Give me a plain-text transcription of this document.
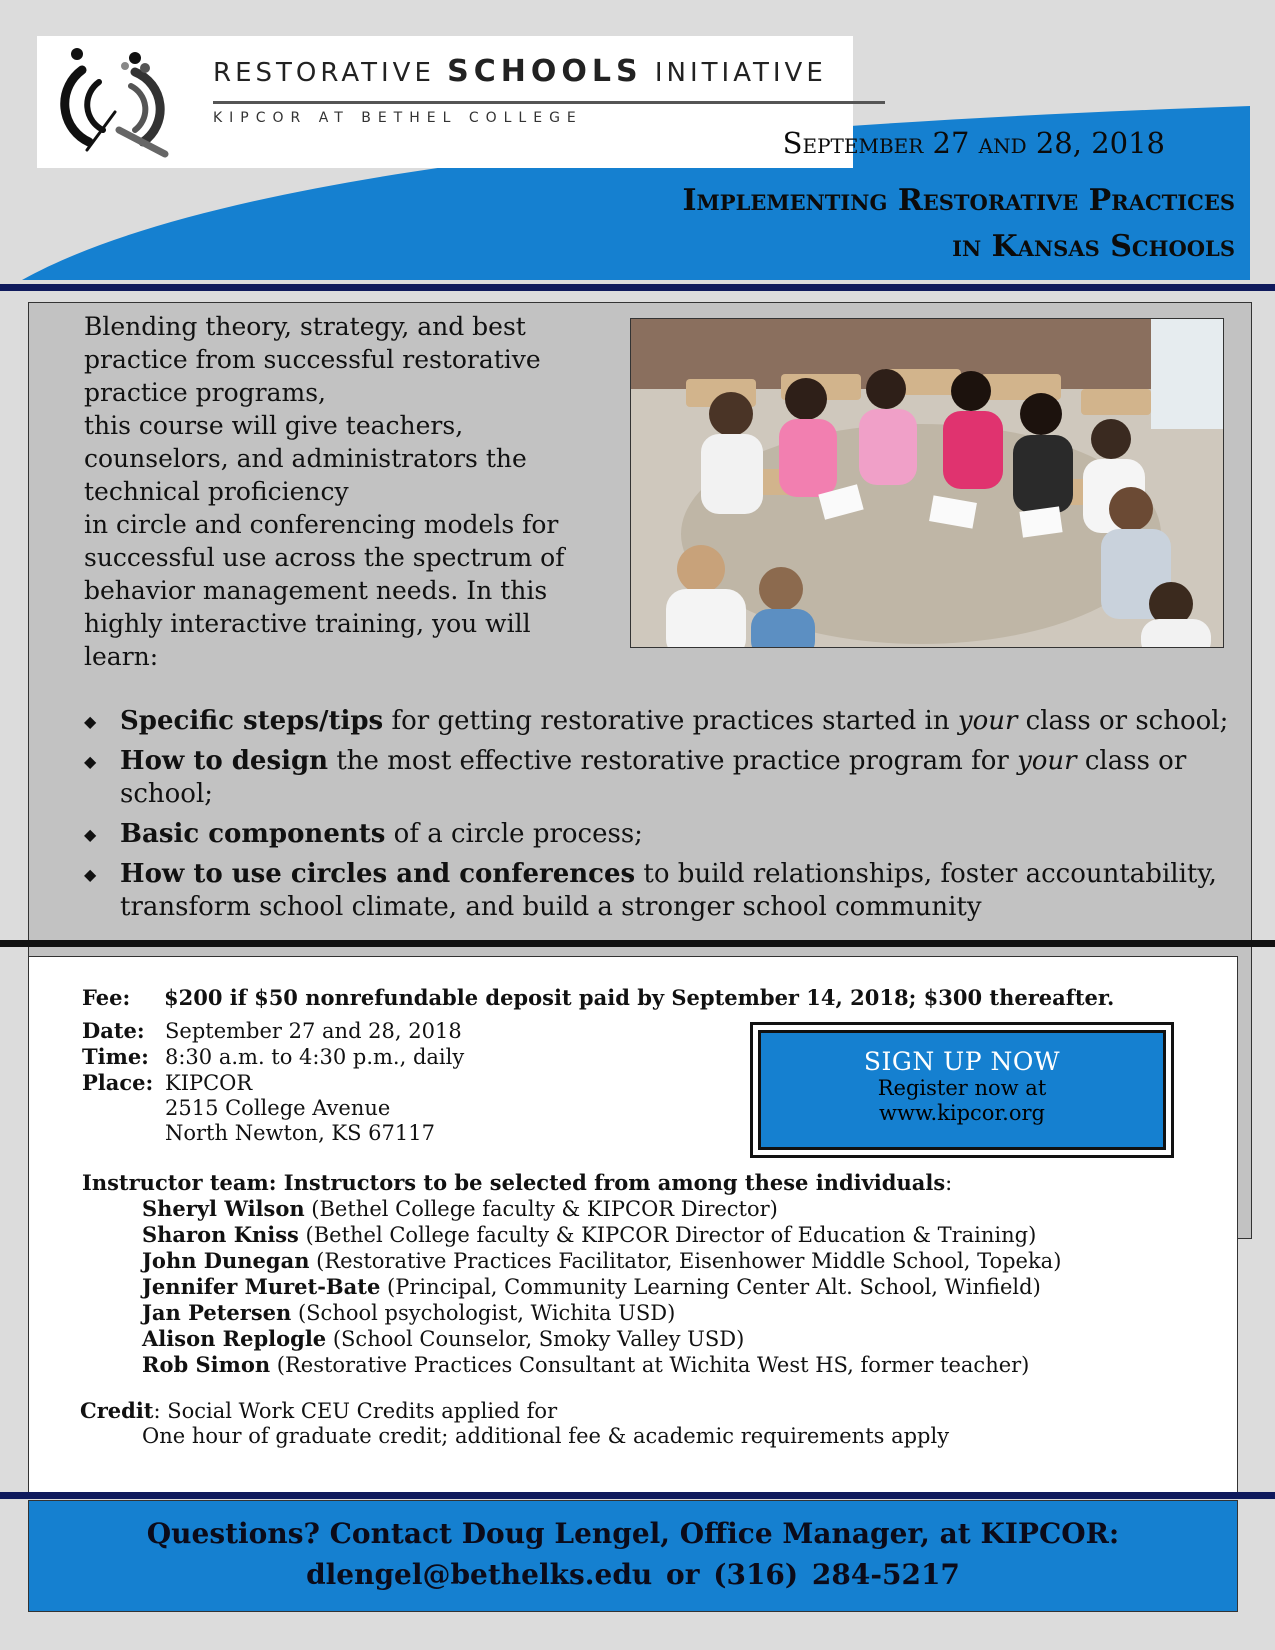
RESTORATIVE SCHOOLS INITIATIVE
KIPCOR AT BETHEL COLLEGE
September 27 and 28, 2018
Implementing Restorative Practices
in Kansas Schools

Blending theory, strategy, and best practice from successful restorative practice programs,

this course will give teachers, counselors, and administrators the technical proficiency

in circle and conferencing models for successful use across the spectrum of behavior management needs. In this highly interactive training, you will learn:

◆ Specific steps/tips for getting restorative practices started in your class or school;
◆ How to design the most effective restorative practice program for your class or school;
◆ Basic components of a circle process;
◆ How to use circles and conferences to build relationships, foster accountability, transform school climate, and build a stronger school community
Fee: $200 if $50 nonrefundable deposit paid by September 14, 2018; $300 thereafter.
Date: September 27 and 28, 2018
Time: 8:30 a.m. to 4:30 p.m., daily
Place: KIPCOR
2515 College Avenue
North Newton, KS 67117
SIGN UP NOW
Register now at
www.kipcor.org
Instructor team: Instructors to be selected from among these individuals:
Sheryl Wilson (Bethel College faculty & KIPCOR Director)
Sharon Kniss (Bethel College faculty & KIPCOR Director of Education & Training)
John Dunegan (Restorative Practices Facilitator, Eisenhower Middle School, Topeka)
Jennifer Muret-Bate (Principal, Community Learning Center Alt. School, Winfield)
Jan Petersen (School psychologist, Wichita USD)
Alison Replogle (School Counselor, Smoky Valley USD)
Rob Simon (Restorative Practices Consultant at Wichita West HS, former teacher)
Credit: Social Work CEU Credits applied for
One hour of graduate credit; additional fee & academic requirements apply
Questions? Contact Doug Lengel, Office Manager, at KIPCOR:
dlengel@bethelks.edu or (316) 284-5217
